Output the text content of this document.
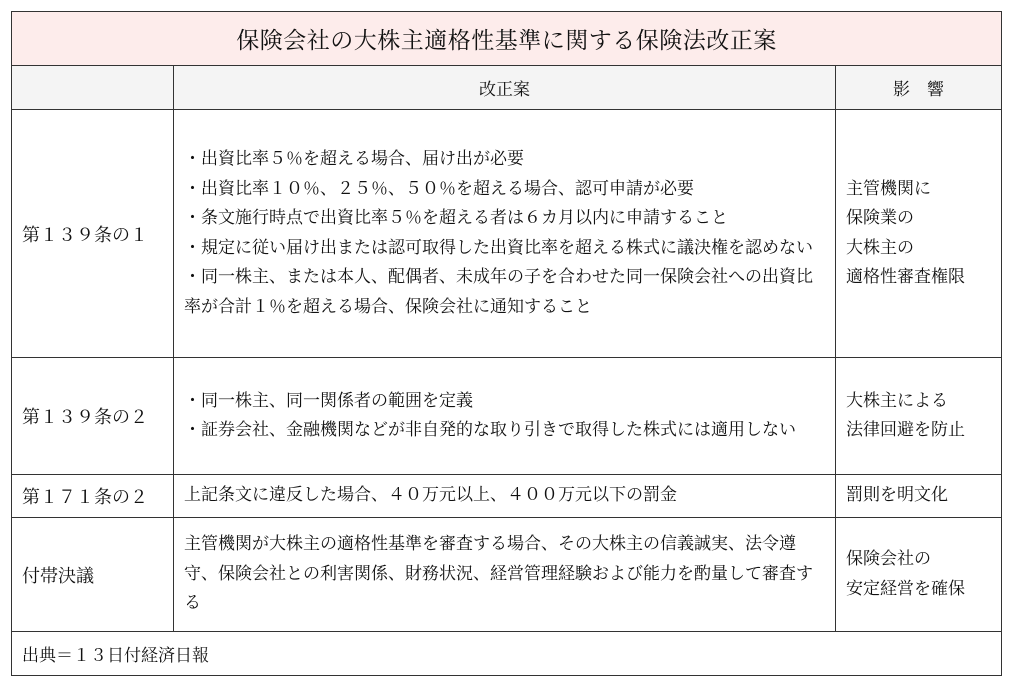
保険会社の大株主適格性基準に関する保険法改正案		
	改正案	影　響
第１３９条の１	・出資比率５％を超える場合、届け出が必要
・出資比率１０％、２５％、５０％を超える場合、認可申請が必要
・条文施行時点で出資比率５％を超える者は６カ月以内に申請すること
・規定に従い届け出または認可取得した出資比率を超える株式に議決権を認めない
・同一株主、または本人、配偶者、未成年の子を合わせた同一保険会社への出資比率が合計１％を超える場合、保険会社に通知すること	主管機関に
保険業の
大株主の
適格性審査権限

第１３９条の２	・同一株主、同一関係者の範囲を定義
・証券会社、金融機関などが非自発的な取り引きで取得した株式には適用しない	大株主による
法律回避を防止

第１７１条の２	上記条文に違反した場合、４０万元以上、４００万元以下の罰金	罰則を明文化

付帯決議	主管機関が大株主の適格性基準を審査する場合、その大株主の信義誠実、法令遵守、保険会社との利害関係、財務状況、経営管理経験および能力を酌量して審査する	保険会社の
安定経営を確保

出典＝１３日付経済日報		
